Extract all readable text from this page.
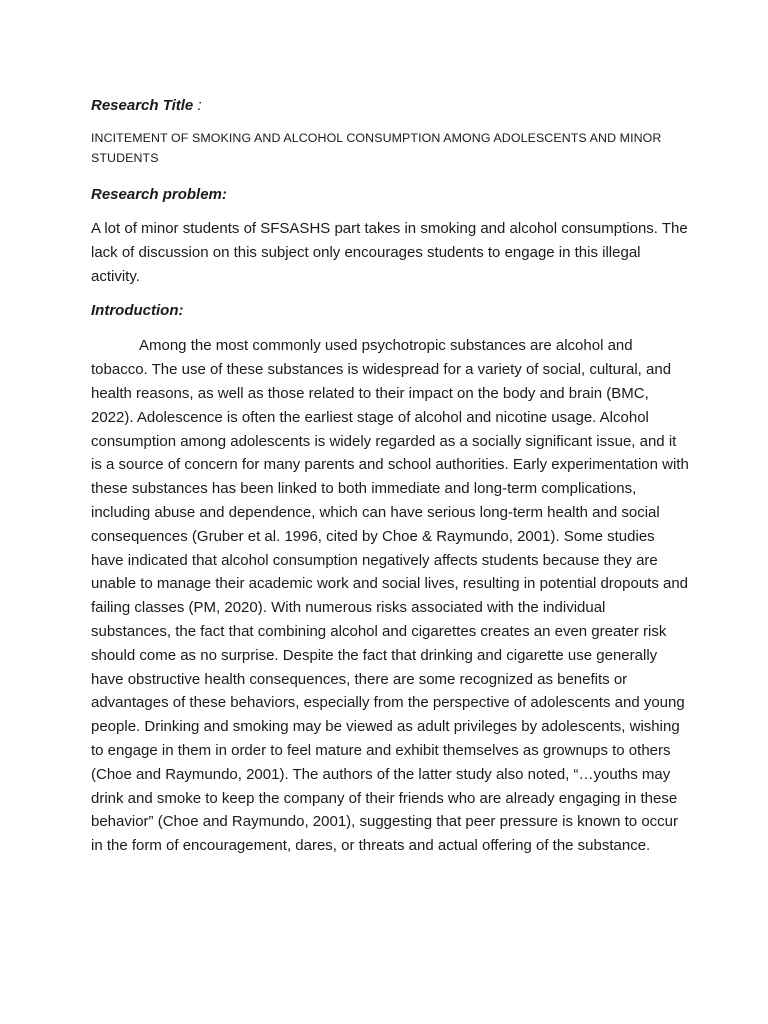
Research Title :

INCITEMENT OF SMOKING AND ALCOHOL CONSUMPTION AMONG ADOLESCENTS AND MINOR STUDENTS

Research problem:

A lot of minor students of SFSASHS part takes in smoking and alcohol consumptions. The lack of discussion on this subject only encourages students to engage in this illegal activity.

Introduction:

Among the most commonly used psychotropic substances are alcohol and tobacco. The use of these substances is widespread for a variety of social, cultural, and health reasons, as well as those related to their impact on the body and brain (BMC, 2022). Adolescence is often the earliest stage of alcohol and nicotine usage. Alcohol consumption among adolescents is widely regarded as a socially significant issue, and it is a source of concern for many parents and school authorities. Early experimentation with these substances has been linked to both immediate and long-term complications, including abuse and dependence, which can have serious long-term health and social consequences (Gruber et al. 1996, cited by Choe & Raymundo, 2001). Some studies have indicated that alcohol consumption negatively affects students because they are unable to manage their academic work and social lives, resulting in potential dropouts and failing classes (PM, 2020). With numerous risks associated with the individual substances, the fact that combining alcohol and cigarettes creates an even greater risk should come as no surprise. Despite the fact that drinking and cigarette use generally have obstructive health consequences, there are some recognized as benefits or advantages of these behaviors, especially from the perspective of adolescents and young people. Drinking and smoking may be viewed as adult privileges by adolescents, wishing to engage in them in order to feel mature and exhibit themselves as grownups to others (Choe and Raymundo, 2001). The authors of the latter study also noted, “…youths may drink and smoke to keep the company of their friends who are already engaging in these behavior” (Choe and Raymundo, 2001), suggesting that peer pressure is known to occur in the form of encouragement, dares, or threats and actual offering of the substance.
